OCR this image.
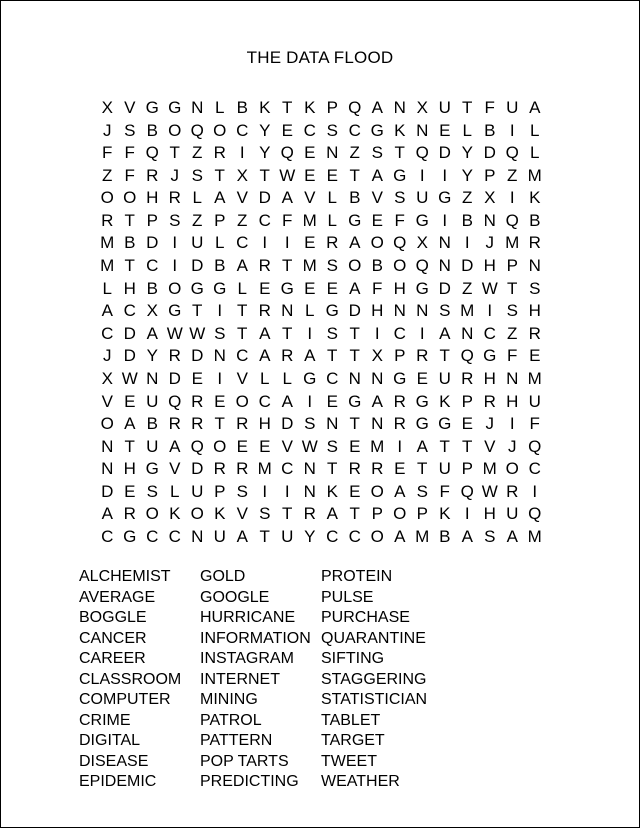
THE DATA FLOOD
X V G G N L B K T K P Q A N X U T F U A
J S B O Q O C Y E C S C G K N E L B I L
F F Q T Z R I Y Q E N Z S T Q D Y D Q L
Z F R J S T X T W E E T A G I	I Y P Z M
O O H R L A V D A V L B V S U G Z X I K
R T P S Z P Z C F M L G E F G I B N Q B
M B D I U L C I	I E R A O Q X N I J M R
M T C I D B A R T M S O B O Q N D H P N
L H B O G G L E G E E A F H G D Z W T S
A C X G T I T R N L G D H N N S M I S H
C D A W W S T A T I S T I C I A N C Z R
J D Y R D N C A R A T T X P R T Q G F E
X W N D E I V L L G C N N G E U R H N M
V E U Q R E O C A I E G A R G K P R H U
O A B R R T R H D S N T N R G G E J I F
N T U A Q O E E V W S E M I A T T V J Q
N H G V D R R M C N T R R E T U P M O C
D E S L U P S I	I N K E O A S F Q W R I
A R O K O K V S T R A T P O P K I H U Q
C G C C N U A T U Y C C O A M B A S A M
ALCHEMIST
AVERAGE
BOGGLE
CANCER
CAREER
CLASSROOM
COMPUTER
CRIME
DIGITAL
DISEASE
EPIDEMIC
GOLD
GOOGLE
HURRICANE
INFORMATION
INSTAGRAM
INTERNET
MINING
PATROL
PATTERN
POP TARTS
PREDICTING
PROTEIN
PULSE
PURCHASE
QUARANTINE
SIFTING
STAGGERING
STATISTICIAN
TABLET
TARGET
TWEET
WEATHER
